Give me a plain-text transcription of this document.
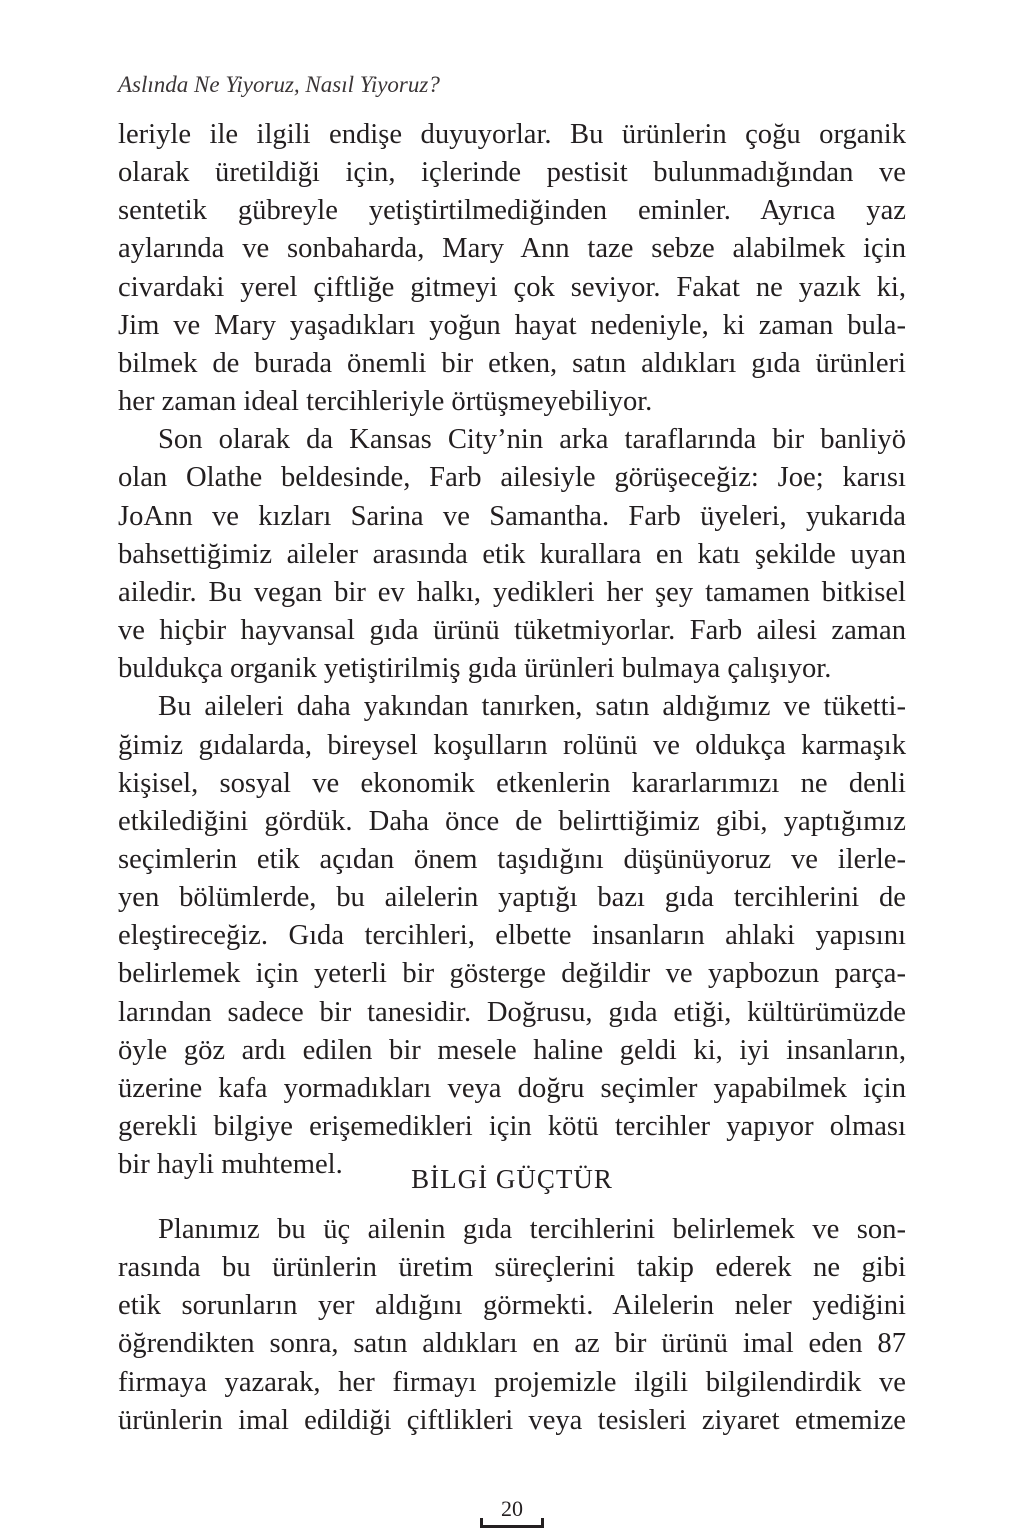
Aslında Ne Yiyoruz, Nasıl Yiyoruz?
leriyle ile ilgili endişe duyuyorlar. Bu ürünlerin çoğu organik
olarak üretildiği için, içlerinde pestisit bulunmadığından ve
sentetik gübreyle yetiştirtilmediğinden eminler. Ayrıca yaz
aylarında ve sonbaharda, Mary Ann taze sebze alabilmek için
civardaki yerel çiftliğe gitmeyi çok seviyor. Fakat ne yazık ki,
Jim ve Mary yaşadıkları yoğun hayat nedeniyle, ki zaman bula-
bilmek de burada önemli bir etken, satın aldıkları gıda ürünleri
her zaman ideal tercihleriyle örtüşmeyebiliyor.
Son olarak da Kansas City’nin arka taraflarında bir banliyö
olan Olathe beldesinde, Farb ailesiyle görüşeceğiz: Joe; karısı
JoAnn ve kızları Sarina ve Samantha. Farb üyeleri, yukarıda
bahsettiğimiz aileler arasında etik kurallara en katı şekilde uyan
ailedir. Bu vegan bir ev halkı, yedikleri her şey tamamen bitkisel
ve hiçbir hayvansal gıda ürünü tüketmiyorlar. Farb ailesi zaman
buldukça organik yetiştirilmiş gıda ürünleri bulmaya çalışıyor.
Bu aileleri daha yakından tanırken, satın aldığımız ve tüketti-
ğimiz gıdalarda, bireysel koşulların rolünü ve oldukça karmaşık
kişisel, sosyal ve ekonomik etkenlerin kararlarımızı ne denli
etkilediğini gördük. Daha önce de belirttiğimiz gibi, yaptığımız
seçimlerin etik açıdan önem taşıdığını düşünüyoruz ve ilerle-
yen bölümlerde, bu ailelerin yaptığı bazı gıda tercihlerini de
eleştireceğiz. Gıda tercihleri, elbette insanların ahlaki yapısını
belirlemek için yeterli bir gösterge değildir ve yapbozun parça-
larından sadece bir tanesidir. Doğrusu, gıda etiği, kültürümüzde
öyle göz ardı edilen bir mesele haline geldi ki, iyi insanların,
üzerine kafa yormadıkları veya doğru seçimler yapabilmek için
gerekli bilgiye erişemedikleri için kötü tercihler yapıyor olması
bir hayli muhtemel.	BİLGİ GÜÇTÜR
Planımız bu üç ailenin gıda tercihlerini belirlemek ve son-
rasında bu ürünlerin üretim süreçlerini takip ederek ne gibi
etik sorunların yer aldığını görmekti. Ailelerin neler yediğini
öğrendikten sonra, satın aldıkları en az bir ürünü imal eden 87
firmaya yazarak, her firmayı projemizle ilgili bilgilendirdik ve
ürünlerin imal edildiği çiftlikleri veya tesisleri ziyaret etmemize
20
